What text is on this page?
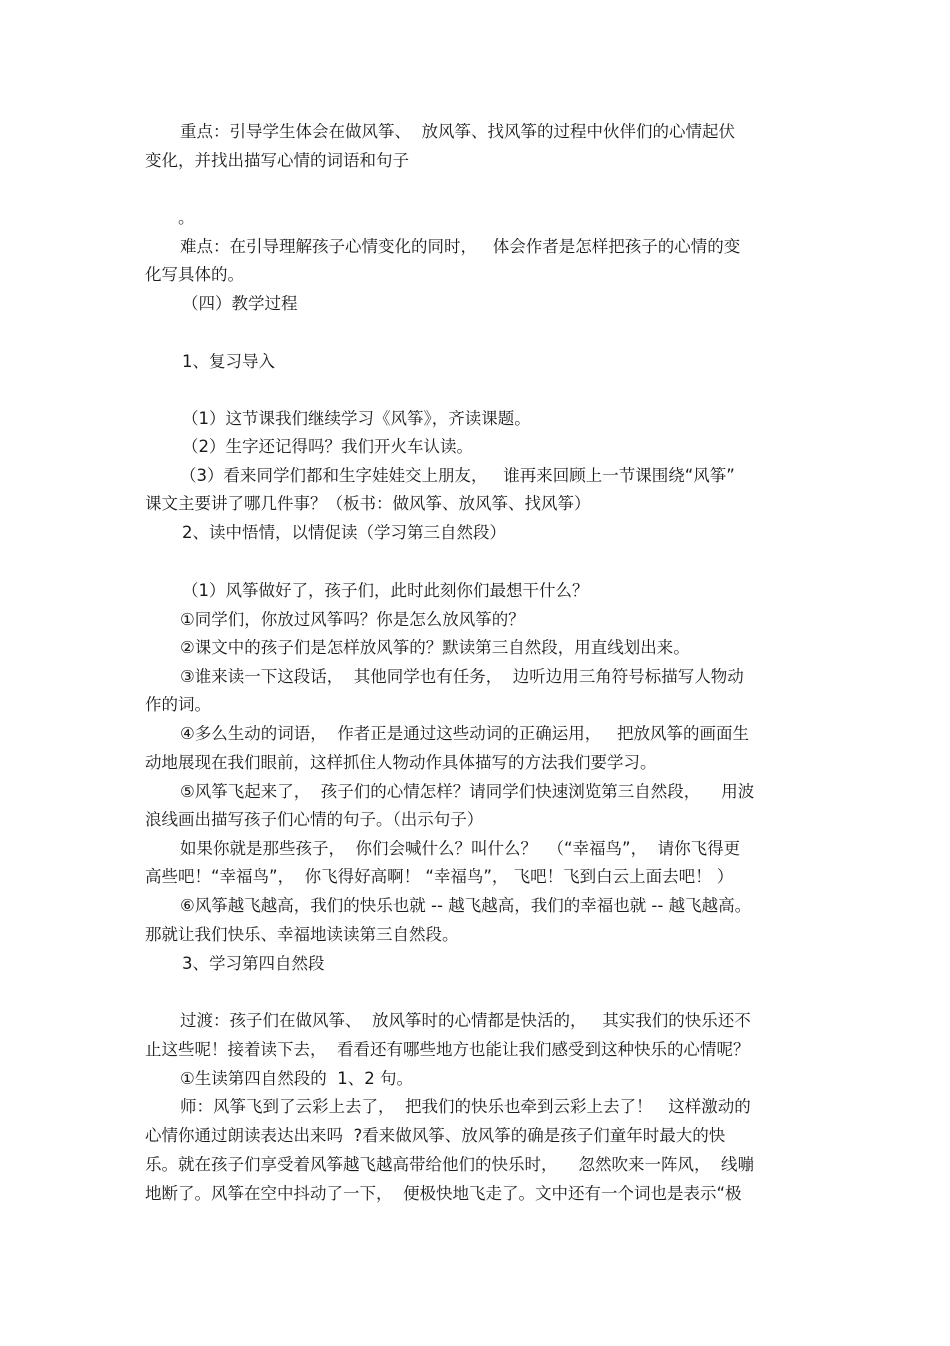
重点：引导学生体会在做风筝、  放风筝、找风筝的过程中伙伴们的心情起伏

变化，并找出描写心情的词语和句子

。

难点：在引导理解孩子心情变化的同时，   体会作者是怎样把孩子的心情的变

化写具体的。

（四）教学过程

1、复习导入

（1）这节课我们继续学习《风筝》，齐读课题。

（2）生字还记得吗？我们开火车认读。

（3）看来同学们都和生字娃娃交上朋友，   谁再来回顾上一节课围绕“风筝”

课文主要讲了哪几件事？（板书：做风筝、放风筝、找风筝）

2、读中悟情，以情促读（学习第三自然段）

（1）风筝做好了，孩子们，此时此刻你们最想干什么？

①同学们，你放过风筝吗？你是怎么放风筝的？

②课文中的孩子们是怎样放风筝的？默读第三自然段，用直线划出来。

③谁来读一下这段话，  其他同学也有任务，  边听边用三角符号标描写人物动

作的词。

④多么生动的词语，  作者正是通过这些动词的正确运用，   把放风筝的画面生

动地展现在我们眼前，这样抓住人物动作具体描写的方法我们要学习。

⑤风筝飞起来了，  孩子们的心情怎样？请同学们快速浏览第三自然段，    用波

浪线画出描写孩子们心情的句子。（出示句子）

如果你就是那些孩子，  你们会喊什么？叫什么？  （“幸福鸟”，  请你飞得更

高些吧！“幸福鸟”，  你飞得好高啊！ “幸福鸟”， 飞吧！飞到白云上面去吧！ ）

⑥风筝越飞越高，我们的快乐也就 -- 越飞越高，我们的幸福也就 -- 越飞越高。

那就让我们快乐、幸福地读读第三自然段。

3、学习第四自然段

过渡：孩子们在做风筝、  放风筝时的心情都是快活的，   其实我们的快乐还不

止这些呢！接着读下去，  看看还有哪些地方也能让我们感受到这种快乐的心情呢？

①生读第四自然段的  1、2 句。

师：风筝飞到了云彩上去了，  把我们的快乐也牵到云彩上去了！   这样激动的

心情你通过朗读表达出来吗  ?看来做风筝、放风筝的确是孩子们童年时最大的快

乐。就在孩子们享受着风筝越飞越高带给他们的快乐时，    忽然吹来一阵风，  线嘣

地断了。风筝在空中抖动了一下，  便极快地飞走了。文中还有一个词也是表示“极
